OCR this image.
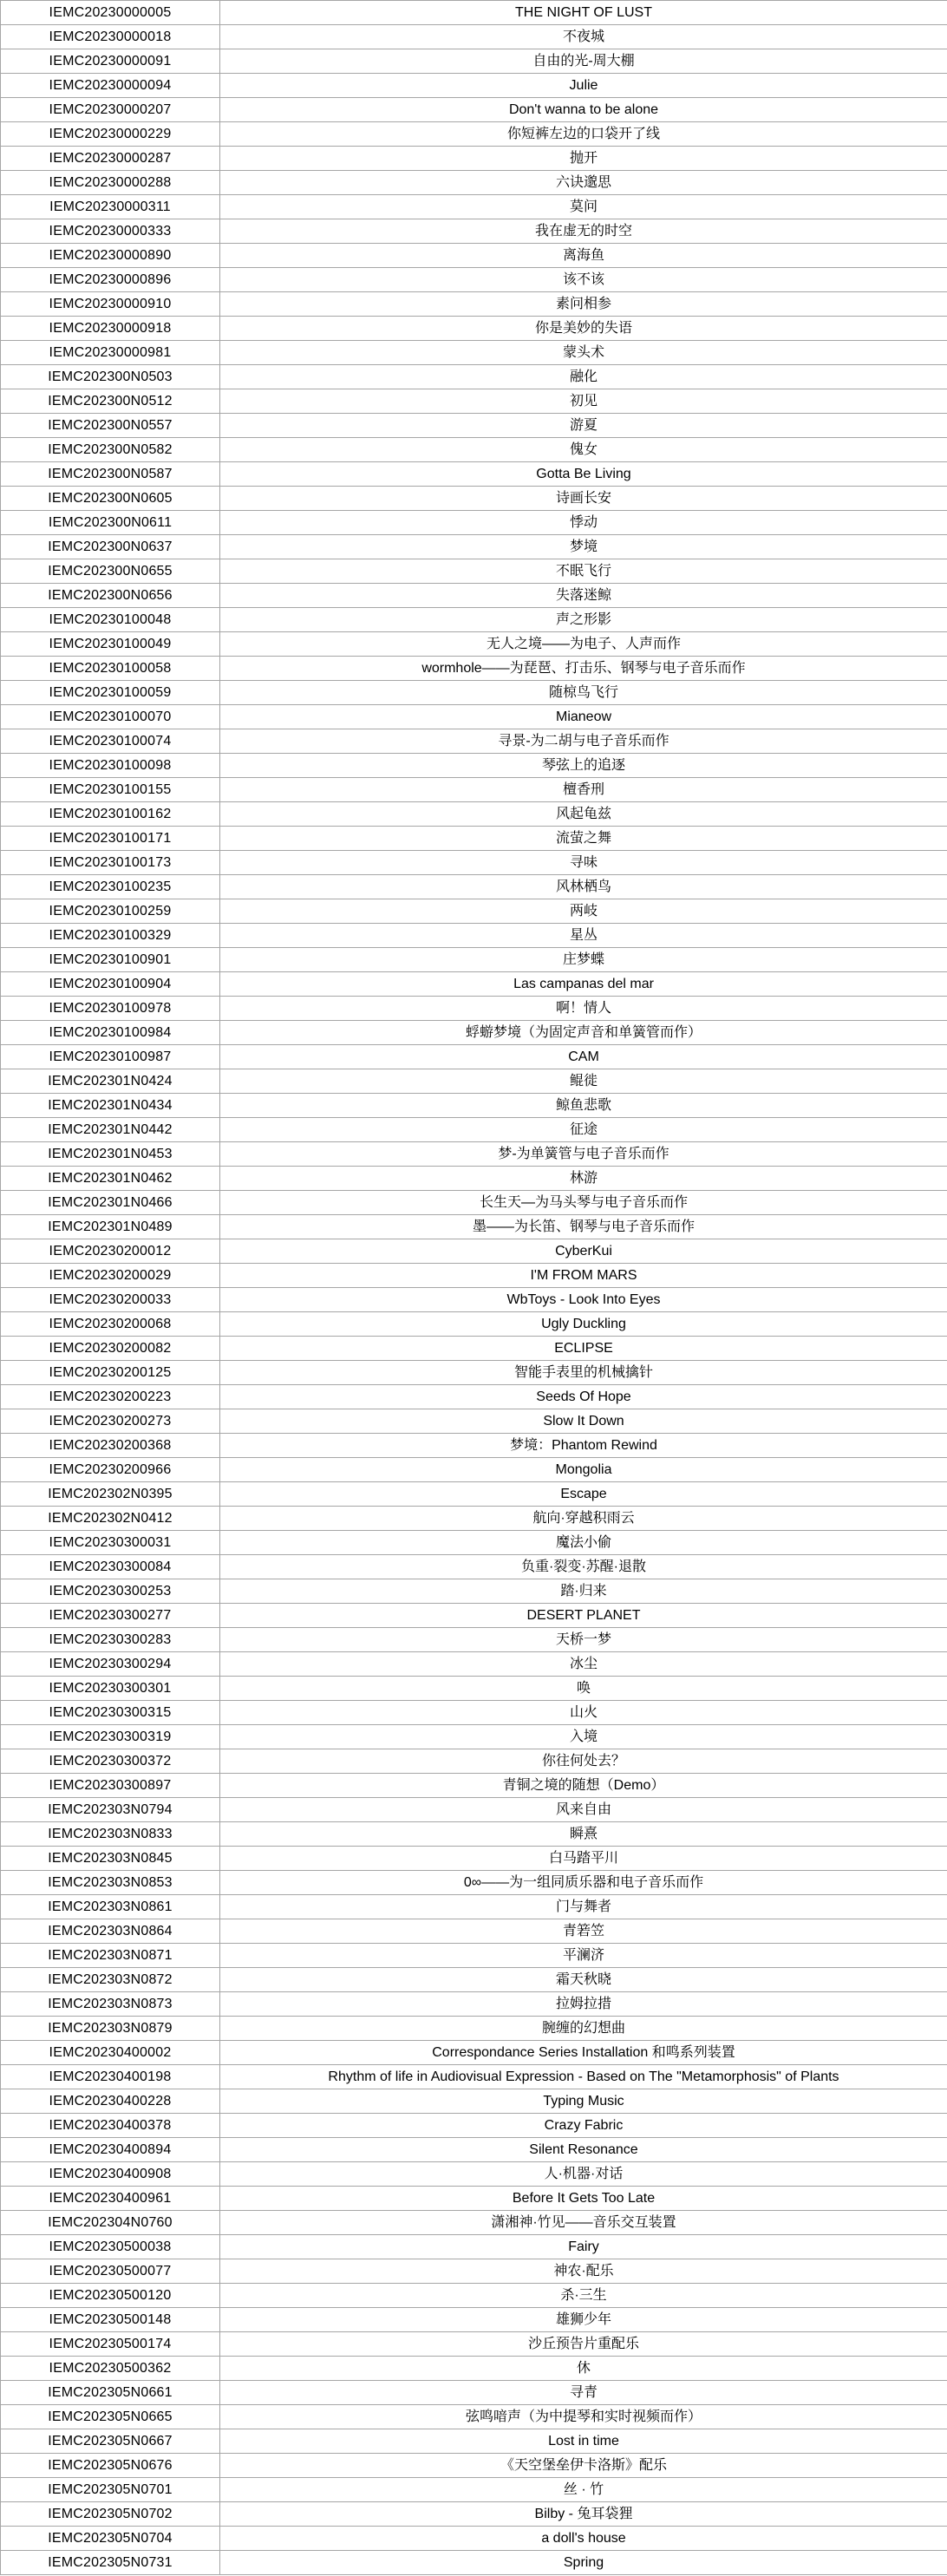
IEMC20230000005	THE NIGHT OF LUST
IEMC20230000018	不夜城
IEMC20230000091	自由的光-周大棚
IEMC20230000094	Julie
IEMC20230000207	Don't wanna to be alone
IEMC20230000229	你短裤左边的口袋开了线
IEMC20230000287	抛开
IEMC20230000288	六诀邈思
IEMC20230000311	莫问
IEMC20230000333	我在虚无的时空
IEMC20230000890	离海鱼
IEMC20230000896	该不该
IEMC20230000910	素问相参
IEMC20230000918	你是美妙的失语
IEMC20230000981	蒙头术
IEMC202300N0503	融化
IEMC202300N0512	初见
IEMC202300N0557	游夏
IEMC202300N0582	傀女
IEMC202300N0587	Gotta Be Living
IEMC202300N0605	诗画长安
IEMC202300N0611	悸动
IEMC202300N0637	梦境
IEMC202300N0655	不眠飞行
IEMC202300N0656	失落迷鲸
IEMC20230100048	声之形影
IEMC20230100049	无人之境——为电子、人声而作
IEMC20230100058	wormhole——为琵琶、打击乐、钢琴与电子音乐而作
IEMC20230100059	随椋鸟飞行
IEMC20230100070	Mianeow
IEMC20230100074	寻景-为二胡与电子音乐而作
IEMC20230100098	琴弦上的追逐
IEMC20230100155	檀香刑
IEMC20230100162	风起龟兹
IEMC20230100171	流萤之舞
IEMC20230100173	寻味
IEMC20230100235	风林栖鸟
IEMC20230100259	两岐
IEMC20230100329	星丛
IEMC20230100901	庄梦蝶
IEMC20230100904	Las campanas del mar
IEMC20230100978	啊！情人
IEMC20230100984	蜉蝣梦境（为固定声音和单簧管而作）
IEMC20230100987	CAM
IEMC202301N0424	鲲徙
IEMC202301N0434	鲸鱼悲歌
IEMC202301N0442	征途
IEMC202301N0453	梦-为单簧管与电子音乐而作
IEMC202301N0462	林游
IEMC202301N0466	长生天—为马头琴与电子音乐而作
IEMC202301N0489	墨——为长笛、钢琴与电子音乐而作
IEMC20230200012	CyberKui
IEMC20230200029	I'M FROM MARS
IEMC20230200033	WbToys - Look Into Eyes
IEMC20230200068	Ugly Duckling
IEMC20230200082	ECLIPSE
IEMC20230200125	智能手表里的机械擒针
IEMC20230200223	Seeds Of Hope
IEMC20230200273	Slow It Down
IEMC20230200368	梦境：Phantom Rewind
IEMC20230200966	Mongolia
IEMC202302N0395	Escape
IEMC202302N0412	航向·穿越积雨云
IEMC20230300031	魔法小偷
IEMC20230300084	负重·裂变·苏醒·退散
IEMC20230300253	踏·归来
IEMC20230300277	DESERT PLANET
IEMC20230300283	天桥一梦
IEMC20230300294	冰尘
IEMC20230300301	唤
IEMC20230300315	山火
IEMC20230300319	入境
IEMC20230300372	你往何处去？
IEMC20230300897	青铜之境的随想（Demo）
IEMC202303N0794	风来自由
IEMC202303N0833	瞬熹
IEMC202303N0845	白马踏平川
IEMC202303N0853	0∞——为一组同质乐器和电子音乐而作
IEMC202303N0861	门与舞者
IEMC202303N0864	青箬笠
IEMC202303N0871	平澜济
IEMC202303N0872	霜天秋晓
IEMC202303N0873	拉姆拉措
IEMC202303N0879	腕缠的幻想曲
IEMC20230400002	Correspondance Series Installation 和鸣系列装置
IEMC20230400198	Rhythm of life in Audiovisual Expression - Based on The "Metamorphosis" of Plants
IEMC20230400228	Typing Music
IEMC20230400378	Crazy Fabric
IEMC20230400894	Silent Resonance
IEMC20230400908	人·机器·对话
IEMC20230400961	Before It Gets Too Late
IEMC202304N0760	潇湘神·竹见——音乐交互装置
IEMC20230500038	Fairy
IEMC20230500077	神农·配乐
IEMC20230500120	杀·三生
IEMC20230500148	雄狮少年
IEMC20230500174	沙丘预告片重配乐
IEMC20230500362	休
IEMC202305N0661	寻青
IEMC202305N0665	弦鸣喑声（为中提琴和实时视频而作）
IEMC202305N0667	Lost in time
IEMC202305N0676	《天空堡垒伊卡洛斯》配乐
IEMC202305N0701	丝 · 竹
IEMC202305N0702	Bilby - 兔耳袋狸
IEMC202305N0704	a doll's house
IEMC202305N0731	Spring
